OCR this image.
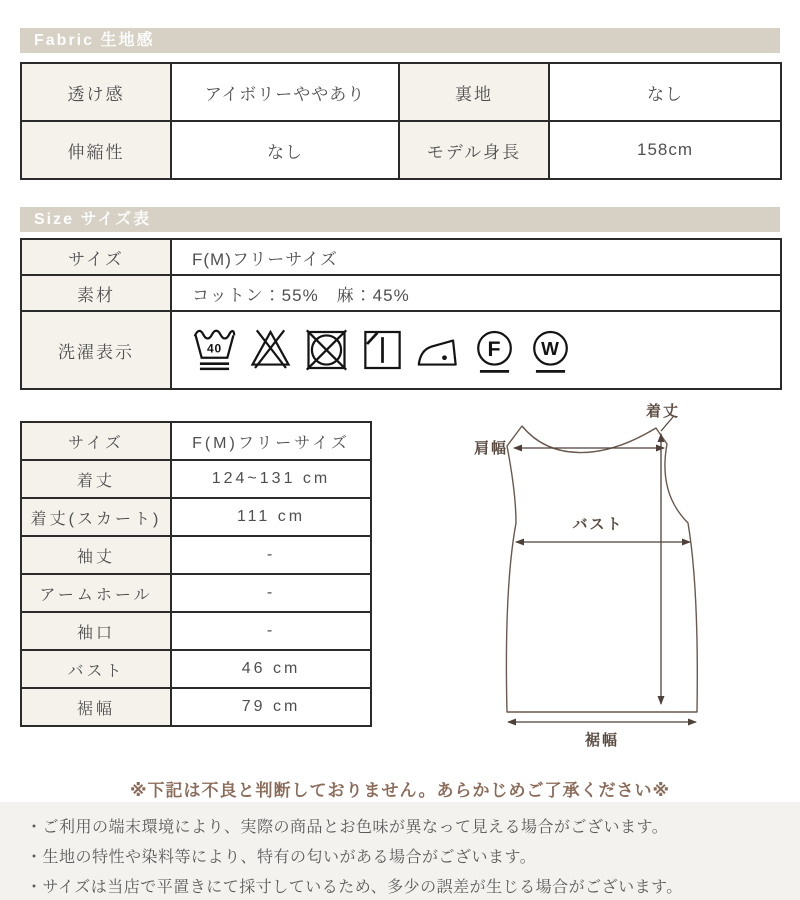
Fabric 生地感
透け感	アイボリーややあり	裏地	なし
伸縮性	なし	モデル身長	158cm
Size サイズ表
サイズ	F(M)フリーサイズ
素材	コットン：55%　麻：45%
洗濯表示	40 F W
サイズ	F(M)フリーサイズ
着丈	124~131 cm
着丈(スカート)	111 cm
袖丈	-
アームホール	-
袖口	-
バスト	46 cm
裾幅	79 cm
着丈
肩幅
バスト
裾幅
※下記は不良と判断しておりません。あらかじめご了承ください※
・ご利用の端末環境により、実際の商品とお色味が異なって見える場合がございます。
・生地の特性や染料等により、特有の匂いがある場合がございます。
・サイズは当店で平置きにて採寸しているため、多少の誤差が生じる場合がございます。
